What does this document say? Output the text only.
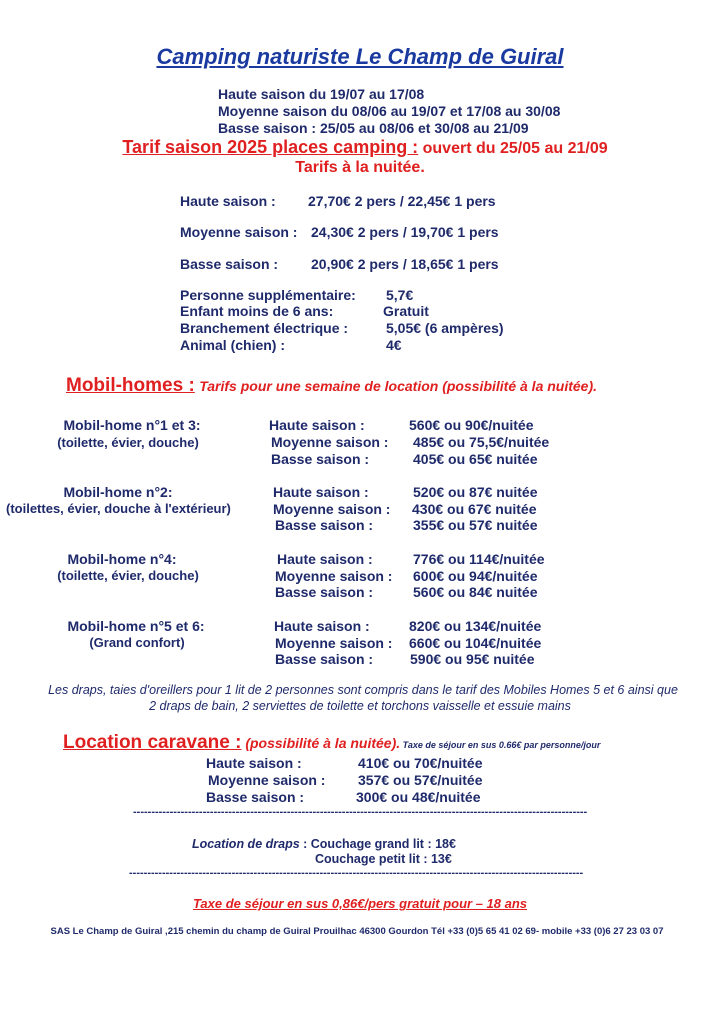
Camping naturiste Le Champ de Guiral
Haute saison du 19/07 au 17/08
Moyenne saison du 08/06 au 19/07 et 17/08 au 30/08
Basse saison : 25/05 au 08/06 et 30/08 au 21/09
Tarif saison 2025 places camping : ouvert du 25/05 au 21/09
Tarifs à la nuitée.
Haute saison : 27,70€ 2 pers / 22,45€ 1 pers
Moyenne saison : 24,30€ 2 pers / 19,70€ 1 pers
Basse saison : 20,90€ 2 pers / 18,65€ 1 pers
Personne supplémentaire: 5,7€
Enfant moins de 6 ans:	Gratuit
Branchement électrique :	5,05€ (6 ampères)
Animal (chien) :	4€
Mobil-homes : Tarifs pour une semaine de location (possibilité à la nuitée).
Mobil-home n°1 et 3:
(toilette, évier, douche)
Haute saison :	560€ ou 90€/nuitée
Moyenne saison : 485€ ou 75,5€/nuitée
Basse saison :	405€ ou 65€ nuitée
Mobil-home n°2:
(toilettes, évier, douche à l'extérieur)
Haute saison :	520€ ou 87€ nuitée
Moyenne saison : 430€ ou 67€ nuitée
Basse saison :	355€ ou 57€ nuitée
Mobil-home n°4:
(toilette, évier, douche)
Haute saison :	776€ ou 114€/nuitée
Moyenne saison : 600€ ou 94€/nuitée
Basse saison :	560€ ou 84€ nuitée
Mobil-home n°5 et 6:
(Grand confort)
Haute saison :	820€ ou 134€/nuitée
Moyenne saison : 660€ ou 104€/nuitée
Basse saison :	590€ ou 95€ nuitée
Les draps, taies d'oreillers pour 1 lit de 2 personnes sont compris dans le tarif des Mobiles Homes 5 et 6 ainsi que
2 draps de bain, 2 serviettes de toilette et torchons vaisselle et essuie mains
Location caravane : (possibilité à la nuitée). Taxe de séjour en sus 0.66€ par personne/jour
Haute saison :	410€ ou 70€/nuitée
Moyenne saison : 357€ ou 57€/nuitée
Basse saison :	300€ ou 48€/nuitée
----------------------------------------------------------------------------------------------------------------------------
Location de draps : Couchage grand lit : 18€
Couchage petit lit : 13€
----------------------------------------------------------------------------------------------------------------------------
Taxe de séjour en sus 0,86€/pers gratuit pour – 18 ans
SAS Le Champ de Guiral ,215 chemin du champ de Guiral Prouilhac 46300 Gourdon Tél +33 (0)5 65 41 02 69- mobile +33 (0)6 27 23 03 07
